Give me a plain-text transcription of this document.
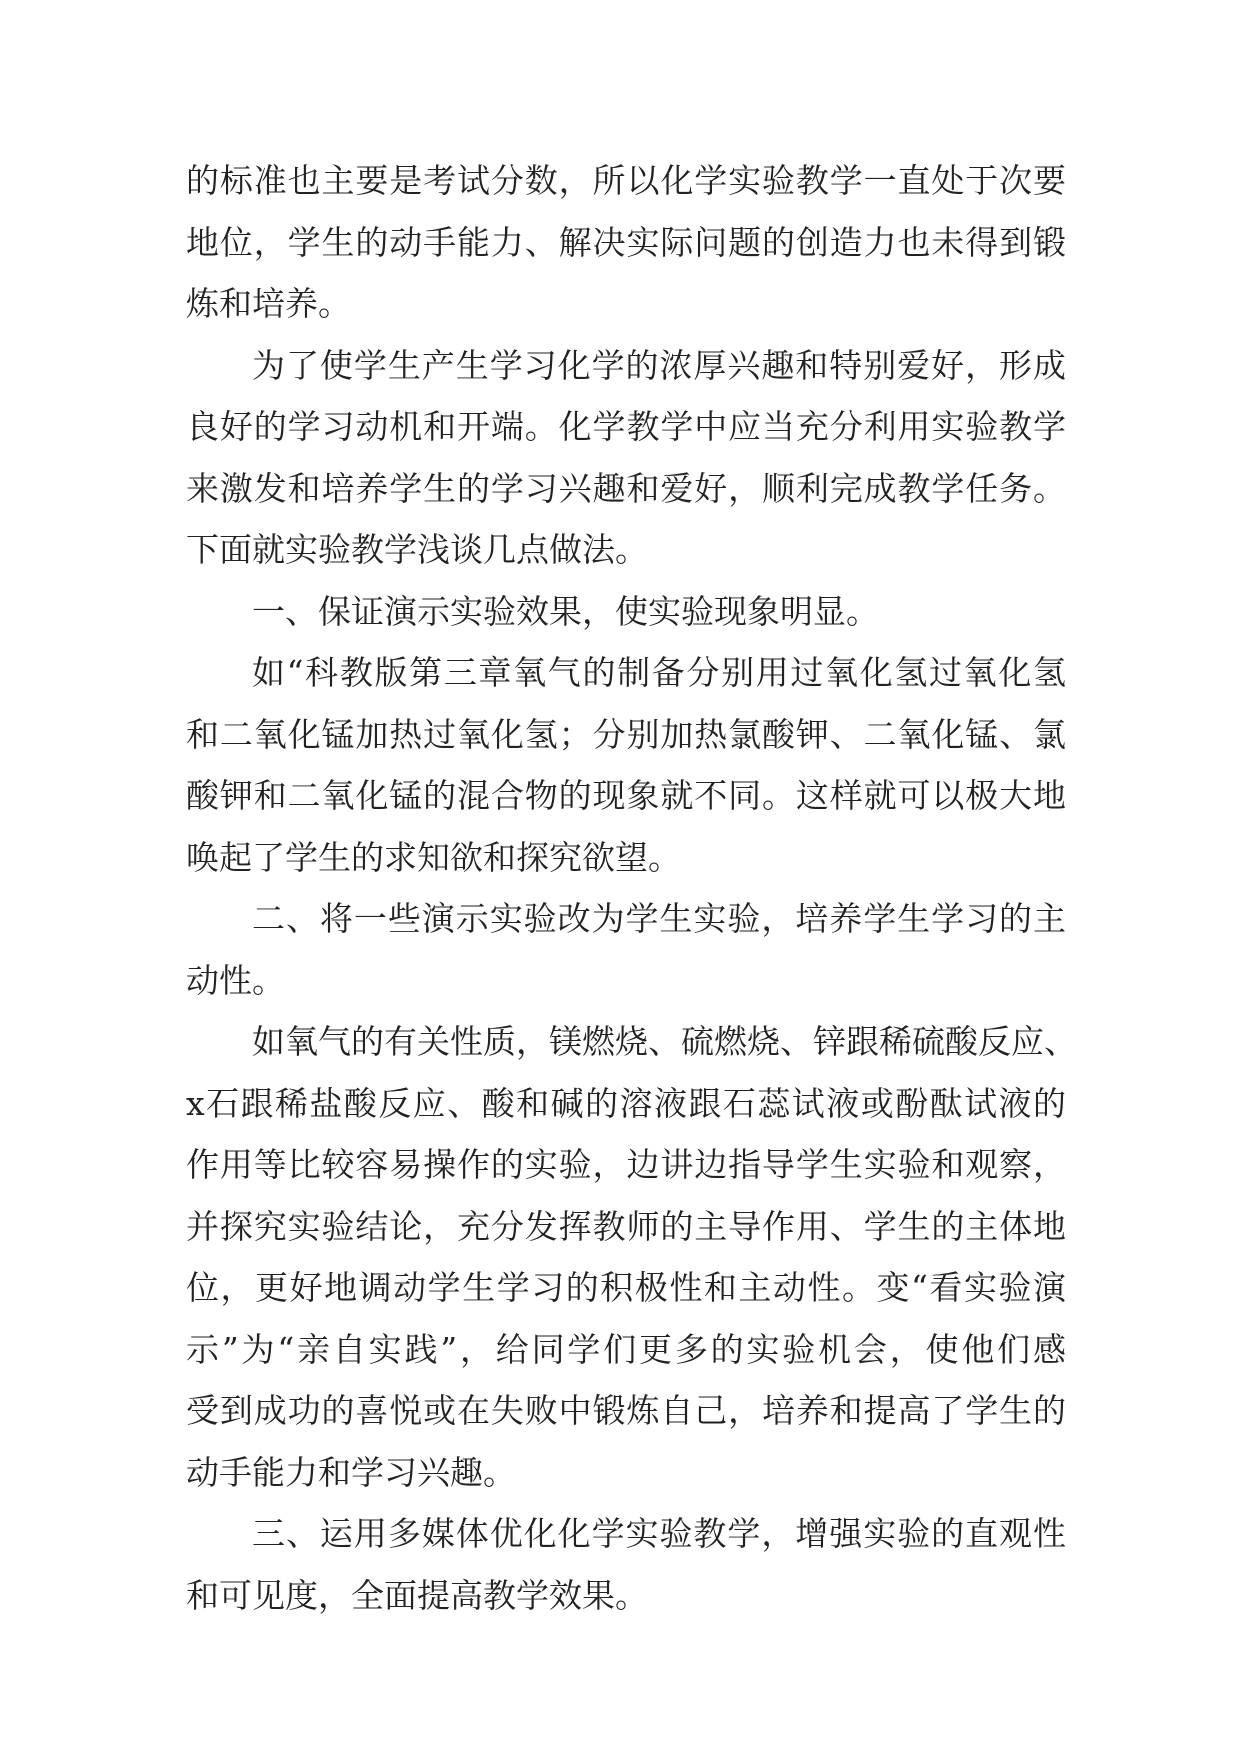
的标准也主要是考试分数，所以化学实验教学一直处于次要
地位，学生的动手能力、解决实际问题的创造力也未得到锻
炼和培养。
为了使学生产生学习化学的浓厚兴趣和特别爱好，形成
良好的学习动机和开端。化学教学中应当充分利用实验教学
来激发和培养学生的学习兴趣和爱好，顺利完成教学任务。
下面就实验教学浅谈几点做法。
一、保证演示实验效果，使实验现象明显。
如“科教版第三章氧气的制备分别用过氧化氢过氧化氢
和二氧化锰加热过氧化氢；分别加热氯酸钾、二氧化锰、氯
酸钾和二氧化锰的混合物的现象就不同。这样就可以极大地
唤起了学生的求知欲和探究欲望。
二、将一些演示实验改为学生实验，培养学生学习的主
动性。
如氧气的有关性质，镁燃烧、硫燃烧、锌跟稀硫酸反应、
x石跟稀盐酸反应、酸和碱的溶液跟石蕊试液或酚酞试液的
作用等比较容易操作的实验，边讲边指导学生实验和观察，
并探究实验结论，充分发挥教师的主导作用、学生的主体地
位，更好地调动学生学习的积极性和主动性。变“看实验演
示”为“亲自实践”，给同学们更多的实验机会，使他们感
受到成功的喜悦或在失败中锻炼自己，培养和提高了学生的
动手能力和学习兴趣。
三、运用多媒体优化化学实验教学，增强实验的直观性
和可见度，全面提高教学效果。
